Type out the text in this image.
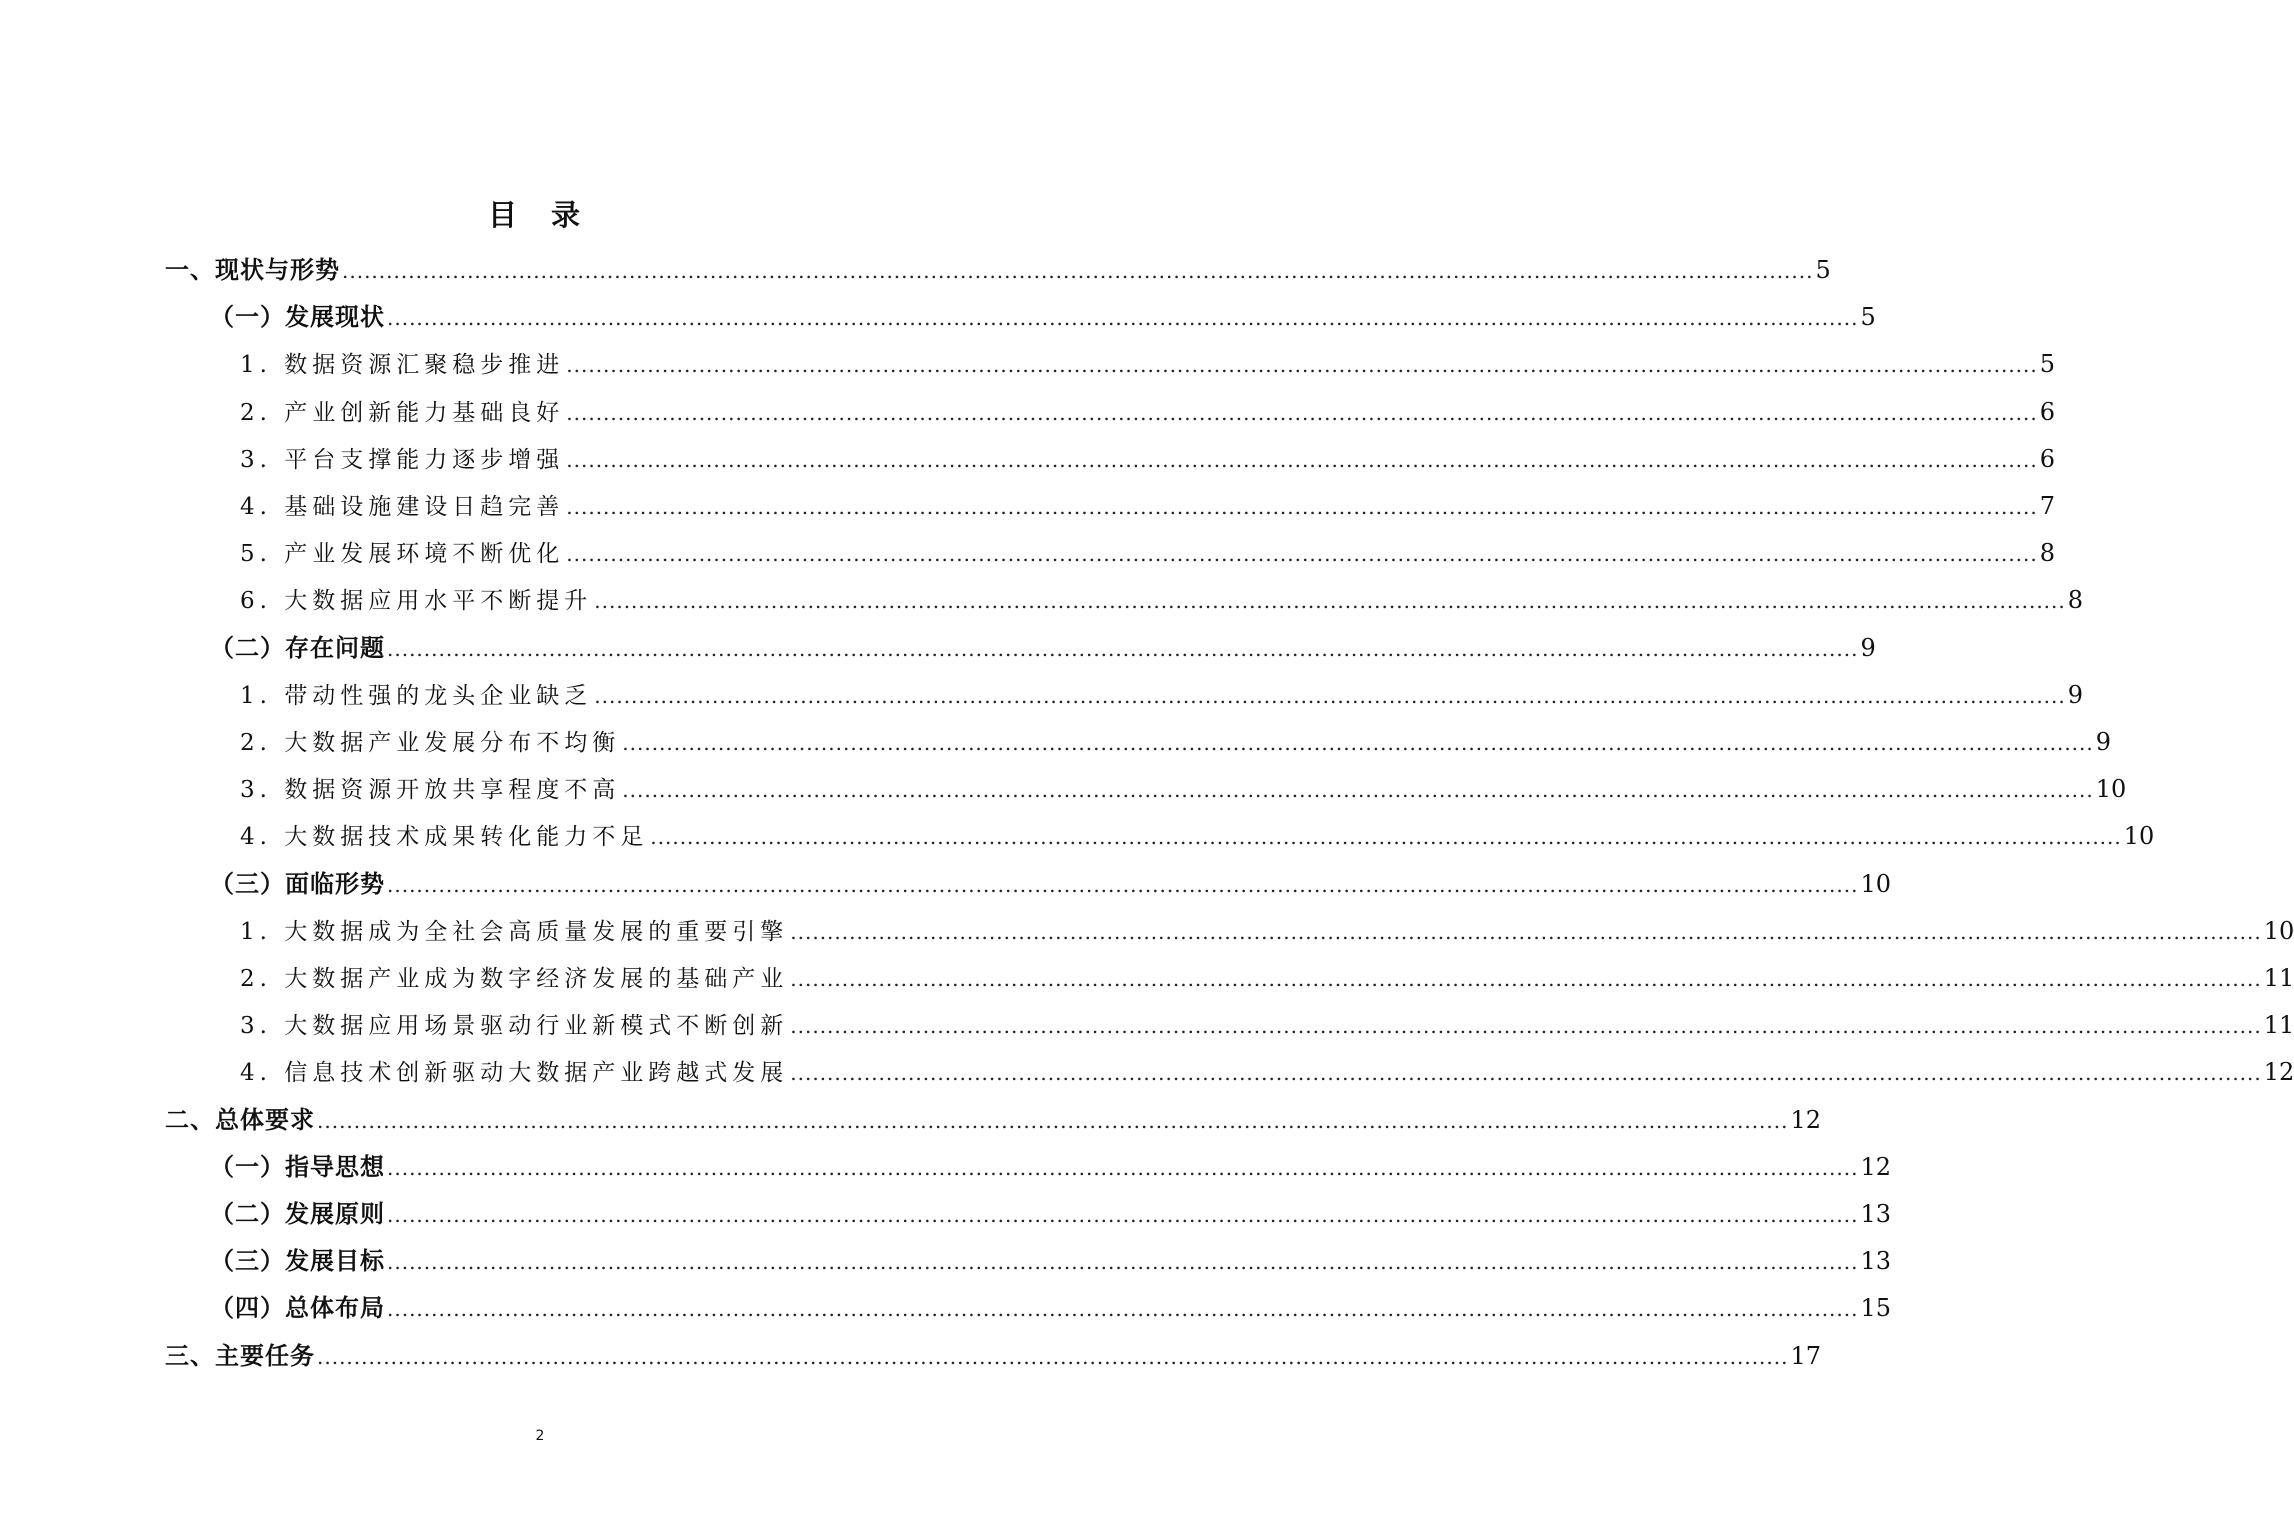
目 录
一、现状与形势 ........................................................................................................................................................................................................ 5
（一）发展现状 ........................................................................................................................................................................................................ 5
1. 数据资源汇聚稳步推进 ........................................................................................................................................................................................................ 5
2. 产业创新能力基础良好 ........................................................................................................................................................................................................ 6
3. 平台支撑能力逐步增强 ........................................................................................................................................................................................................ 6
4. 基础设施建设日趋完善 ........................................................................................................................................................................................................ 7
5. 产业发展环境不断优化 ........................................................................................................................................................................................................ 8
6. 大数据应用水平不断提升 ........................................................................................................................................................................................................ 8
（二）存在问题 ........................................................................................................................................................................................................ 9
1. 带动性强的龙头企业缺乏 ........................................................................................................................................................................................................ 9
2. 大数据产业发展分布不均衡 ........................................................................................................................................................................................................ 9
3. 数据资源开放共享程度不高 ........................................................................................................................................................................................................ 10
4. 大数据技术成果转化能力不足 ........................................................................................................................................................................................................ 10
（三）面临形势 ........................................................................................................................................................................................................ 10
1. 大数据成为全社会高质量发展的重要引擎 ........................................................................................................................................................................................................ 10
2. 大数据产业成为数字经济发展的基础产业 ........................................................................................................................................................................................................ 11
3. 大数据应用场景驱动行业新模式不断创新 ........................................................................................................................................................................................................ 11
4. 信息技术创新驱动大数据产业跨越式发展 ........................................................................................................................................................................................................ 12
二、总体要求 ........................................................................................................................................................................................................ 12
（一）指导思想 ........................................................................................................................................................................................................ 12
（二）发展原则 ........................................................................................................................................................................................................ 13
（三）发展目标 ........................................................................................................................................................................................................ 13
（四）总体布局 ........................................................................................................................................................................................................ 15
三、主要任务 ........................................................................................................................................................................................................ 17
2
